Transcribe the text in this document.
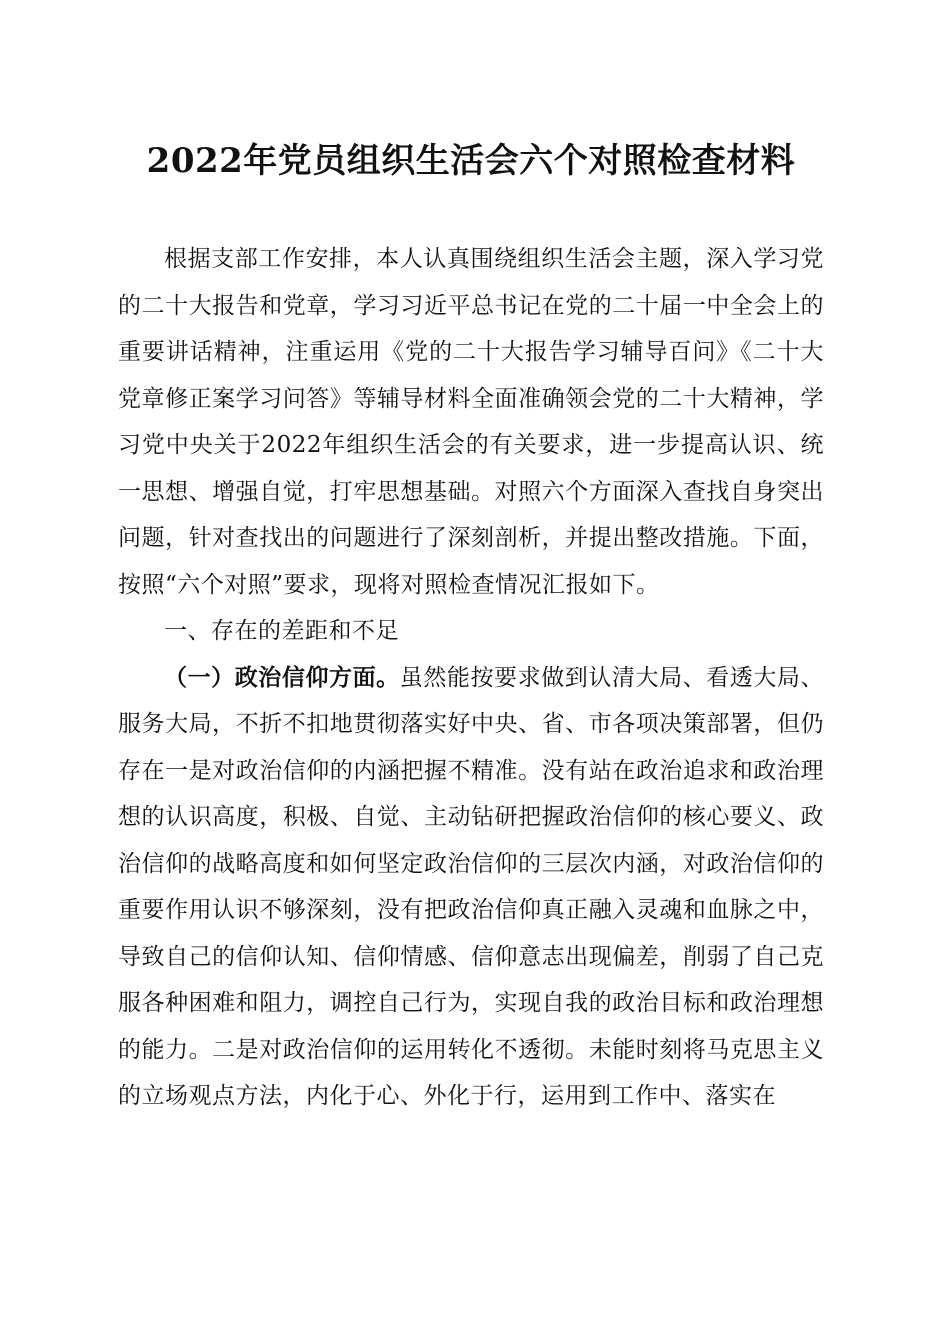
2022年党员组织生活会六个对照检查材料

根据支部工作安排，本人认真围绕组织生活会主题，深入学习党的二十大报告和党章，学习习近平总书记在党的二十届一中全会上的重要讲话精神，注重运用《党的二十大报告学习辅导百问》《二十大党章修正案学习问答》等辅导材料全面准确领会党的二十大精神，学习党中央关于2022年组织生活会的有关要求，进一步提高认识、统一思想、增强自觉，打牢思想基础。对照六个方面深入查找自身突出问题，针对查找出的问题进行了深刻剖析，并提出整改措施。下面，按照“六个对照”要求，现将对照检查情况汇报如下。

一、存在的差距和不足

（一）政治信仰方面。虽然能按要求做到认清大局、看透大局、服务大局，不折不扣地贯彻落实好中央、省、市各项决策部署，但仍存在一是对政治信仰的内涵把握不精准。没有站在政治追求和政治理想的认识高度，积极、自觉、主动钻研把握政治信仰的核心要义、政治信仰的战略高度和如何坚定政治信仰的三层次内涵，对政治信仰的重要作用认识不够深刻，没有把政治信仰真正融入灵魂和血脉之中，导致自己的信仰认知、信仰情感、信仰意志出现偏差，削弱了自己克服各种困难和阻力，调控自己行为，实现自我的政治目标和政治理想的能力。二是对政治信仰的运用转化不透彻。未能时刻将马克思主义的立场观点方法，内化于心、外化于行，运用到工作中、落实在
